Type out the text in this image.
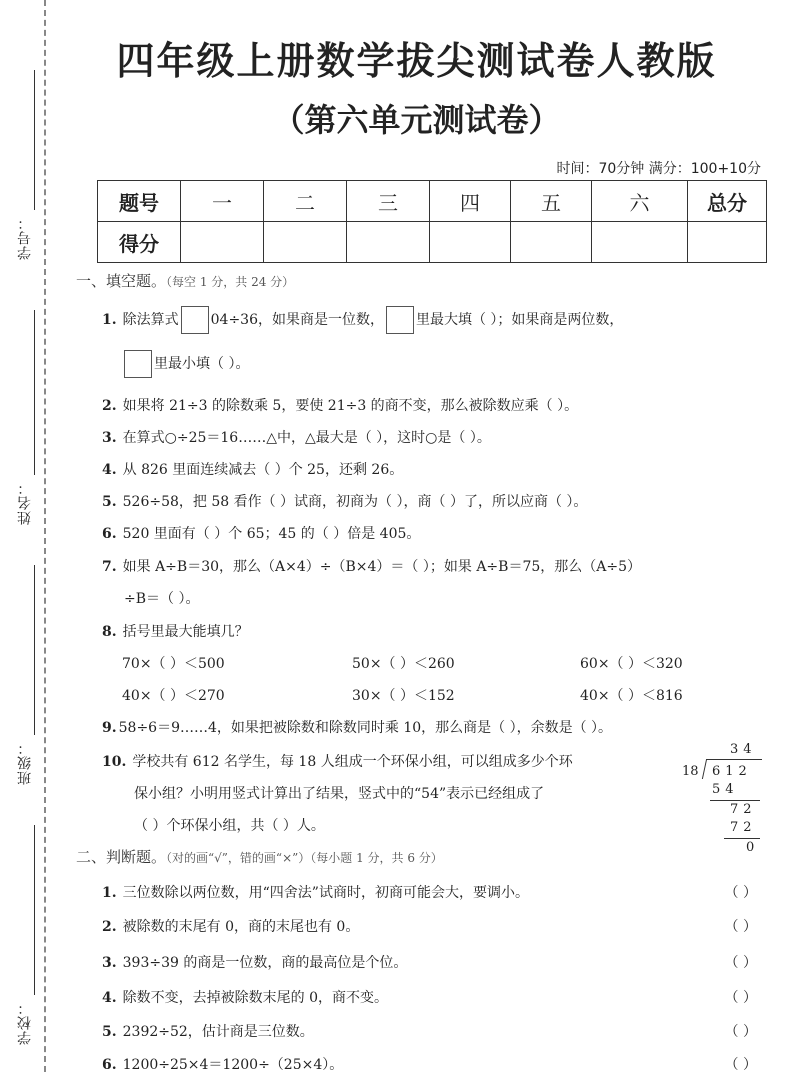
学号：
姓名：
班级：
学校：
四年级上册数学拔尖测试卷人教版
（第六单元测试卷）
时间：70分钟 满分：100+10分
题号	一	二	三	四	五	六	总分
得分							
一、填空题。（每空 1 分，共 24 分）
1. 除法算式 04÷36，如果商是一位数， 里最大填（ ）；如果商是两位数，
里最小填（ ）。
2. 如果将 21÷3 的除数乘 5，要使 21÷3 的商不变，那么被除数应乘（ ）。
3. 在算式○÷25＝16……△中，△最大是（ ），这时○是（ ）。
4. 从 826 里面连续减去（ ）个 25，还剩 26。
5. 526÷58，把 58 看作（ ）试商，初商为（ ），商（ ）了，所以应商（ ）。
6. 520 里面有（ ）个 65；45 的（ ）倍是 405。
7. 如果 A÷B＝30，那么（A×4）÷（B×4）＝（ ）；如果 A÷B＝75，那么（A÷5）
÷B＝（ ）。
8. 括号里最大能填几？
70×（ ）＜500	50×（ ）＜260	60×（ ）＜320
40×（ ）＜270	30×（ ）＜152	40×（ ）＜816
9. 58÷6＝9……4，如果把被除数和除数同时乘 10，那么商是（ ），余数是（ ）。
10. 学校共有 612 名学生，每 18 人组成一个环保小组，可以组成多少个环
保小组？小明用竖式计算出了结果，竖式中的“54”表示已经组成了
（ ）个环保小组，共（ ）人。
34
18 612
54
72
72
0
二、判断题。（对的画“√”，错的画“×”）（每小题 1 分，共 6 分）
1. 三位数除以两位数，用“四舍法”试商时，初商可能会大，要调小。	（ ）
2. 被除数的末尾有 0，商的末尾也有 0。	（ ）
3. 393÷39 的商是一位数，商的最高位是个位。	（ ）
4. 除数不变，去掉被除数末尾的 0，商不变。	（ ）
5. 2392÷52，估计商是三位数。	（ ）
6. 1200÷25×4＝1200÷（25×4）。	（ ）
